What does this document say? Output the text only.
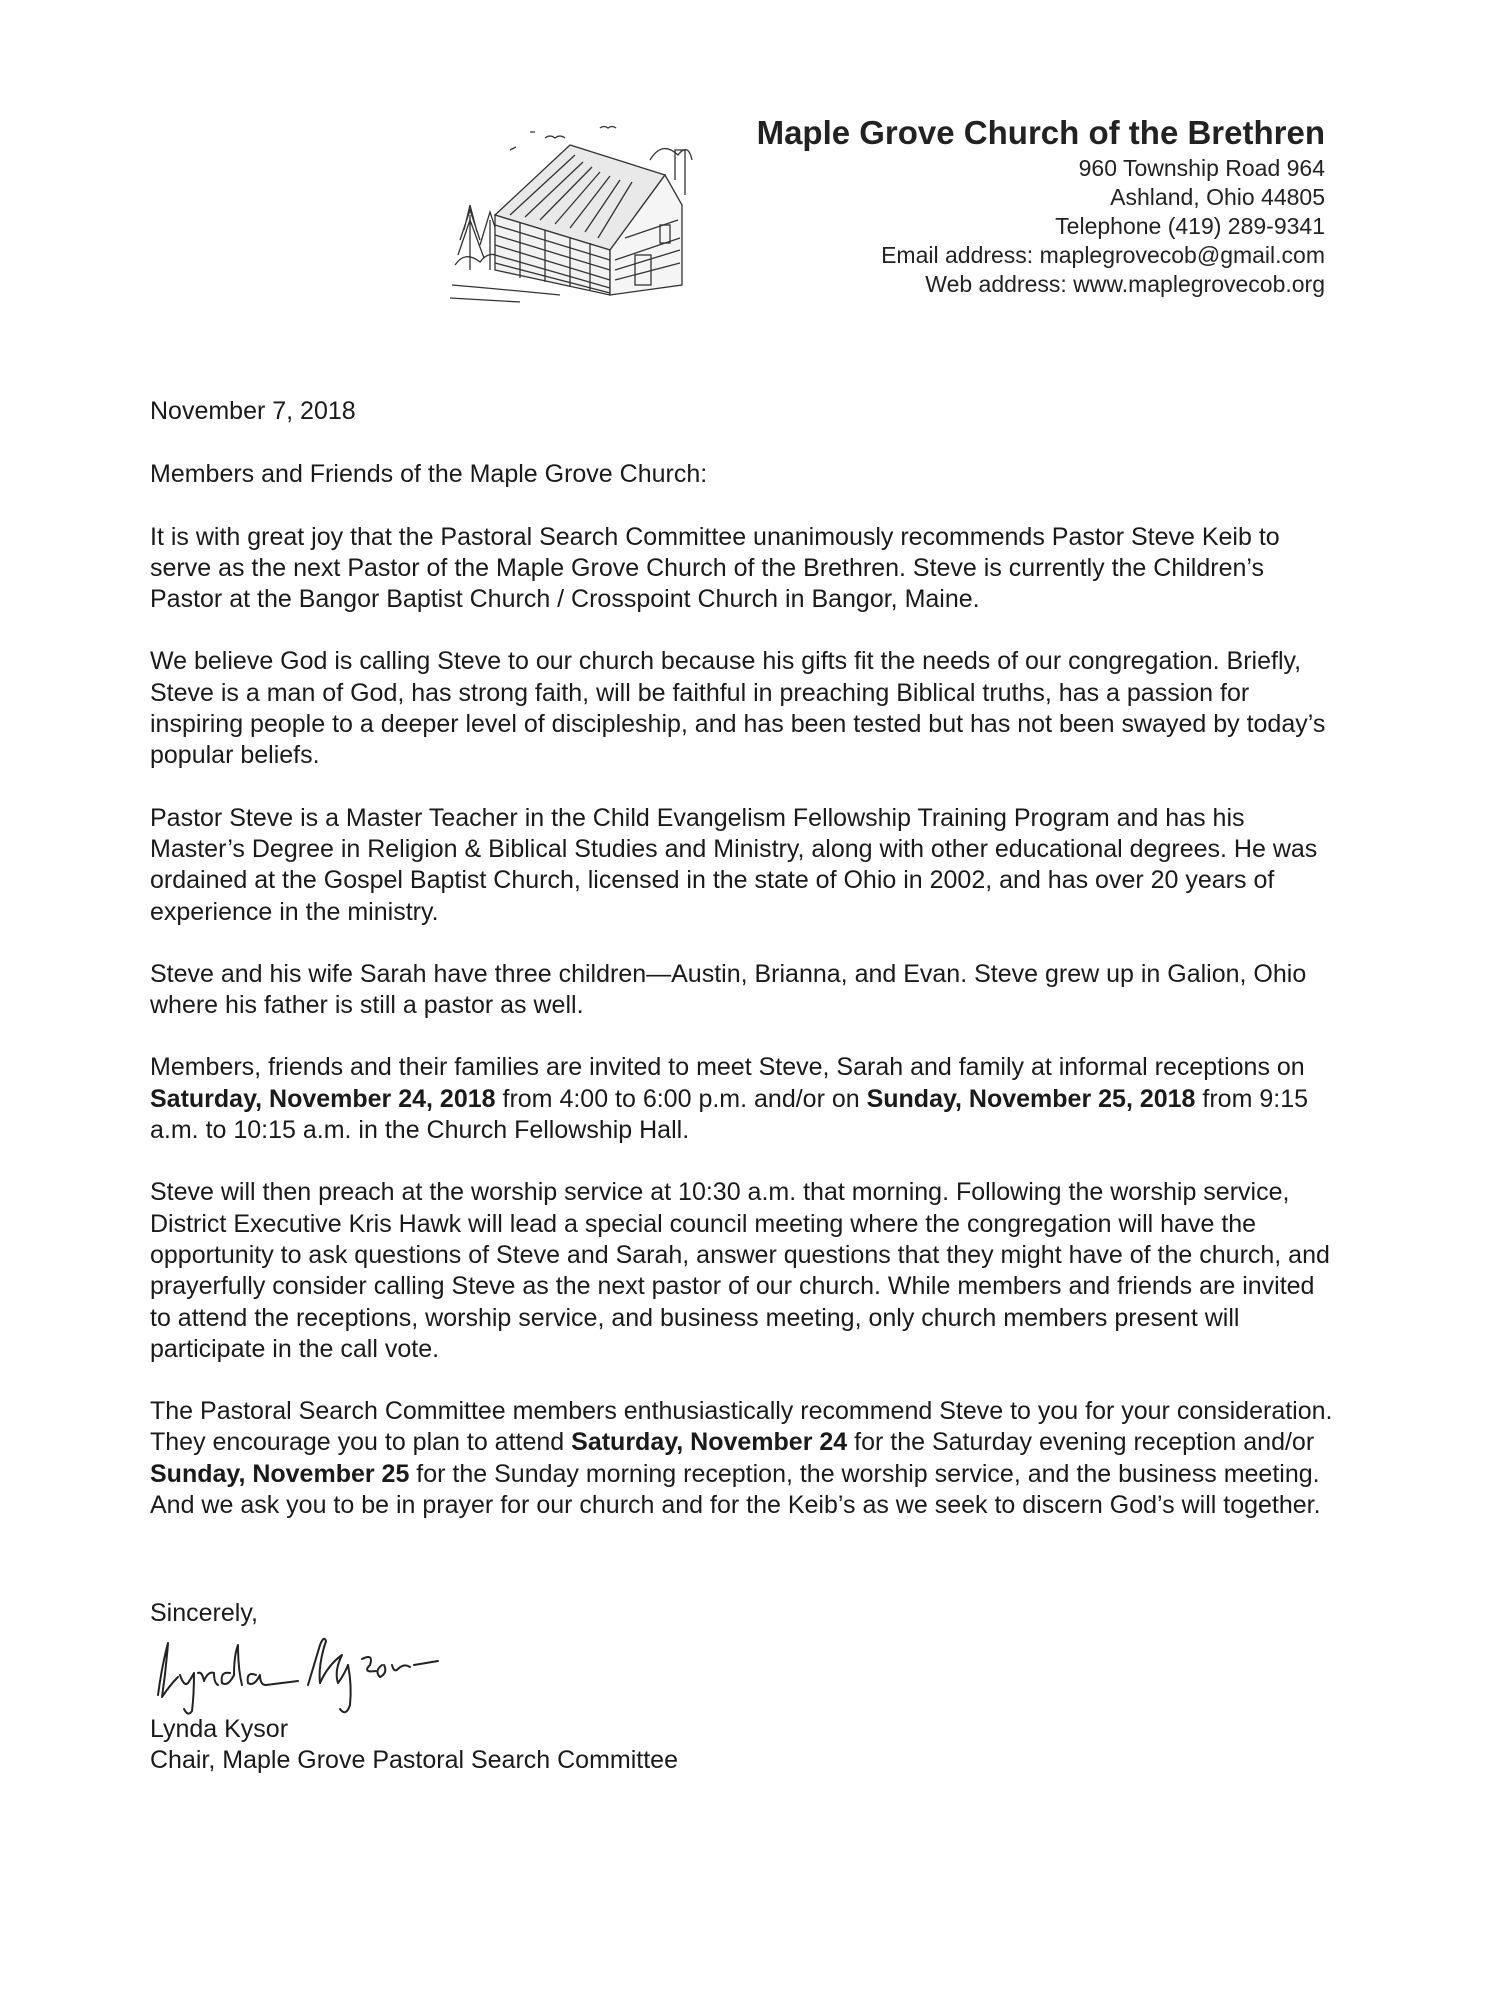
Maple Grove Church of the Brethren
960 Township Road 964
Ashland, Ohio 44805
Telephone (419) 289-9341
Email address: maplegrovecob@gmail.com
Web address: www.maplegrovecob.org
November 7, 2018
Members and Friends of the Maple Grove Church:
It is with great joy that the Pastoral Search Committee unanimously recommends Pastor Steve Keib to serve as the next Pastor of the Maple Grove Church of the Brethren. Steve is currently the Children’s Pastor at the Bangor Baptist Church / Crosspoint Church in Bangor, Maine.
We believe God is calling Steve to our church because his gifts fit the needs of our congregation. Briefly, Steve is a man of God, has strong faith, will be faithful in preaching Biblical truths, has a passion for inspiring people to a deeper level of discipleship, and has been tested but has not been swayed by today’s popular beliefs.
Pastor Steve is a Master Teacher in the Child Evangelism Fellowship Training Program and has his Master’s Degree in Religion & Biblical Studies and Ministry, along with other educational degrees. He was ordained at the Gospel Baptist Church, licensed in the state of Ohio in 2002, and has over 20 years of experience in the ministry.
Steve and his wife Sarah have three children—Austin, Brianna, and Evan. Steve grew up in Galion, Ohio where his father is still a pastor as well.
Members, friends and their families are invited to meet Steve, Sarah and family at informal receptions on Saturday, November 24, 2018 from 4:00 to 6:00 p.m. and/or on Sunday, November 25, 2018 from 9:15 a.m. to 10:15 a.m. in the Church Fellowship Hall.
Steve will then preach at the worship service at 10:30 a.m. that morning. Following the worship service, District Executive Kris Hawk will lead a special council meeting where the congregation will have the opportunity to ask questions of Steve and Sarah, answer questions that they might have of the church, and prayerfully consider calling Steve as the next pastor of our church. While members and friends are invited to attend the receptions, worship service, and business meeting, only church members present will participate in the call vote.
The Pastoral Search Committee members enthusiastically recommend Steve to you for your consideration. They encourage you to plan to attend Saturday, November 24 for the Saturday evening reception and/or Sunday, November 25 for the Sunday morning reception, the worship service, and the business meeting. And we ask you to be in prayer for our church and for the Keib’s as we seek to discern God’s will together.
Sincerely,
Lynda Kysor
Chair, Maple Grove Pastoral Search Committee
